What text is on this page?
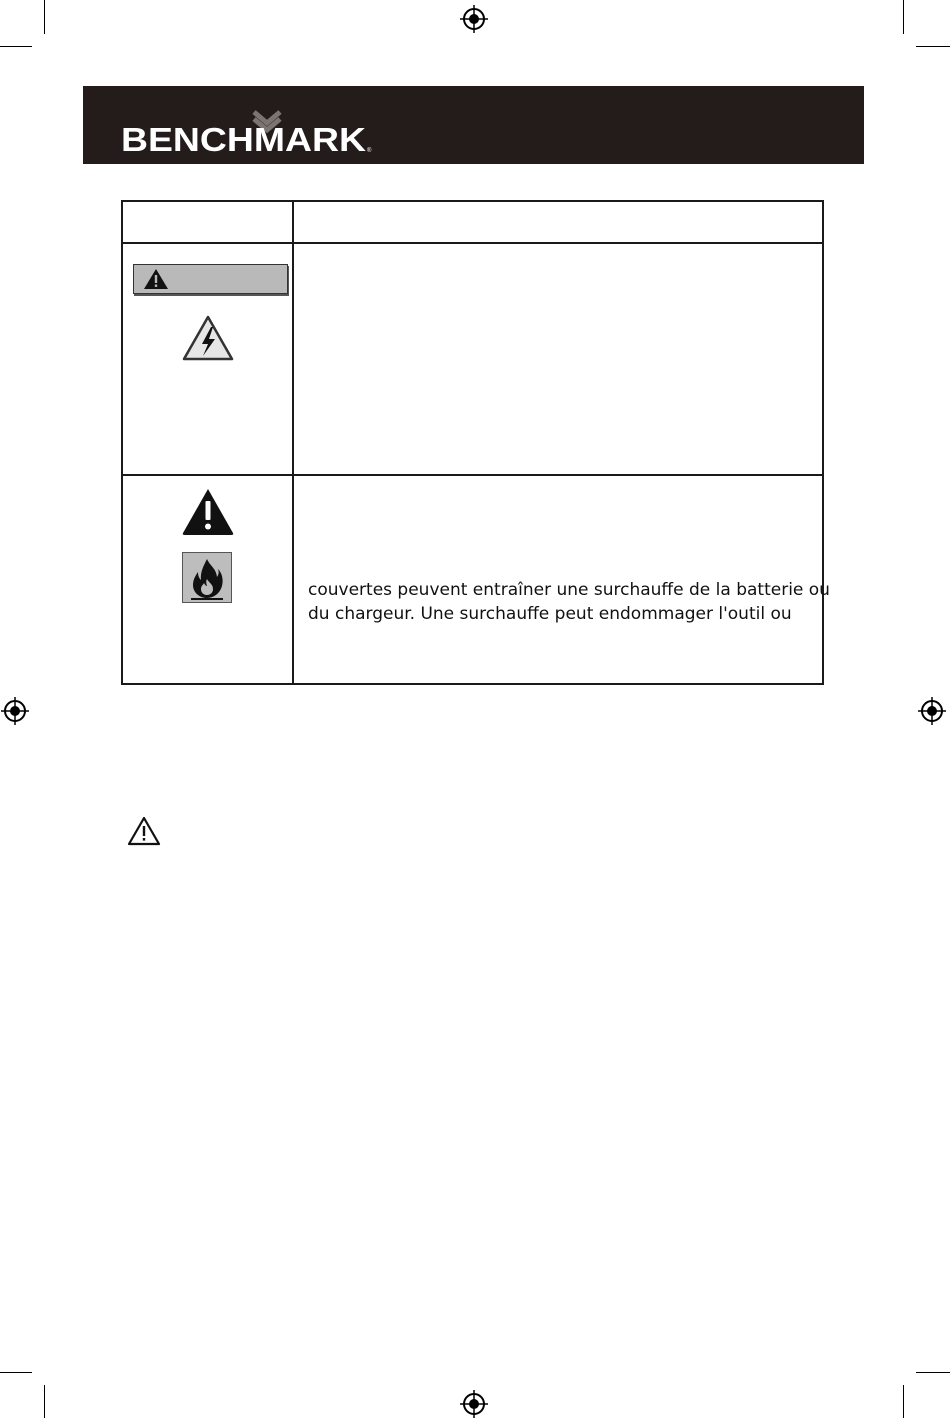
BENCHMARK ®
couvertes peuvent entraîner une surchauffe de la batterie ou
du chargeur. Une surchauffe peut endommager l'outil ou
